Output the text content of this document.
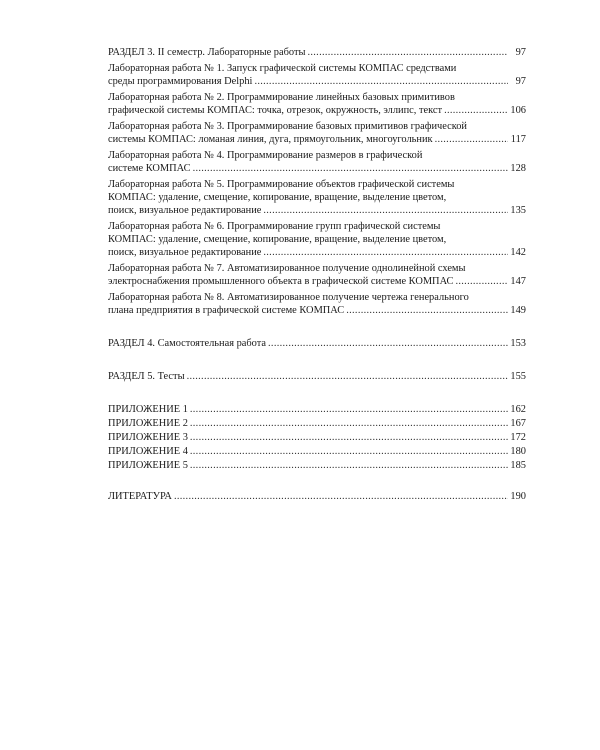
РАЗДЕЛ 3. II семестр. Лабораторные работы .....	97
Лабораторная работа № 1. Запуск графической системы КОМПАС средствами
среды программирования Delphi .....	97
Лабораторная работа № 2. Программирование линейных базовых примитивов
графической системы КОМПАС: точка, отрезок, окружность, эллипс, текст .....	106
Лабораторная работа № 3. Программирование базовых примитивов графической
системы КОМПАС: ломаная линия, дуга, прямоугольник, многоугольник .....	117
Лабораторная работа № 4. Программирование размеров в графической
системе КОМПАС .....	128
Лабораторная работа № 5. Программирование объектов графической системы
КОМПАС: удаление, смещение, копирование, вращение, выделение цветом,
поиск, визуальное редактирование .....	135
Лабораторная работа № 6. Программирование групп графической системы
КОМПАС: удаление, смещение, копирование, вращение, выделение цветом,
поиск, визуальное редактирование .....	142
Лабораторная работа № 7. Автоматизированное получение однолинейной схемы
электроснабжения промышленного объекта в графической системе КОМПАС .....	147
Лабораторная работа № 8. Автоматизированное получение чертежа генерального
плана предприятия в графической системе КОМПАС .....	149
РАЗДЕЛ 4. Самостоятельная работа .....	153
РАЗДЕЛ 5. Тесты .....	155
ПРИЛОЖЕНИЕ 1 .....	162
ПРИЛОЖЕНИЕ 2 .....	167
ПРИЛОЖЕНИЕ 3 .....	172
ПРИЛОЖЕНИЕ 4 .....	180
ПРИЛОЖЕНИЕ 5 .....	185
ЛИТЕРАТУРА .....	190
